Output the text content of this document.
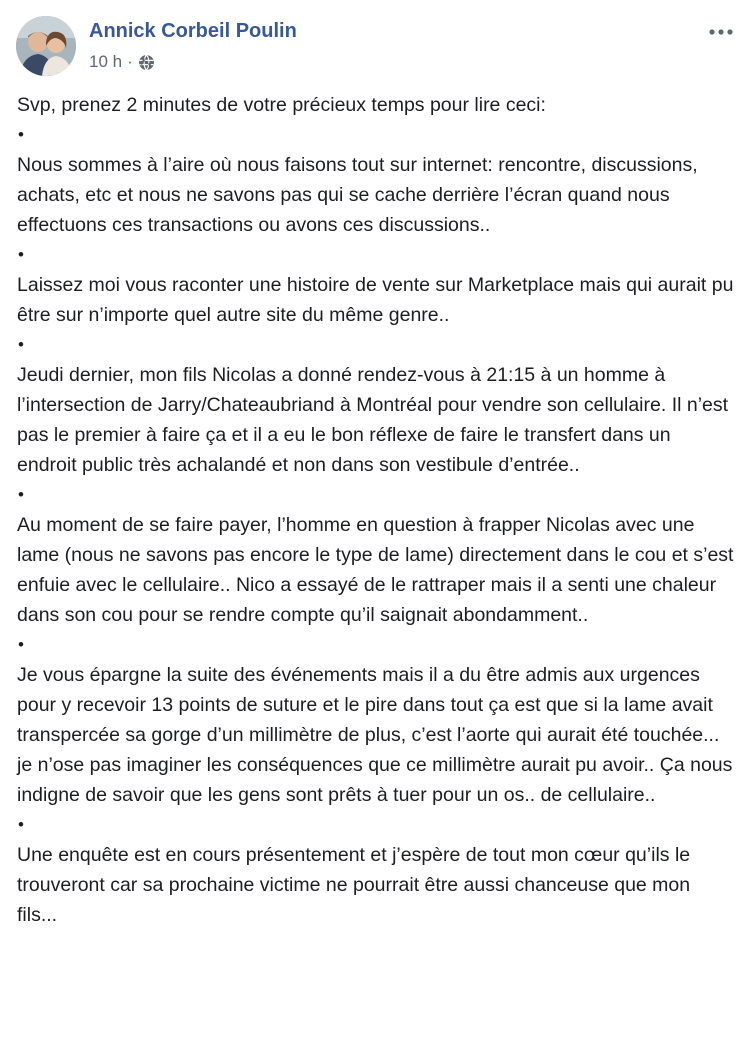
Annick Corbeil Poulin
10 h ·

Svp, prenez 2 minutes de votre précieux temps pour lire ceci:

•

Nous sommes à l’aire où nous faisons tout sur internet: rencontre, discussions, achats, etc et nous ne savons pas qui se cache derrière l’écran quand nous effectuons ces transactions ou avons ces discussions..

•

Laissez moi vous raconter une histoire de vente sur Marketplace mais qui aurait pu être sur n’importe quel autre site du même genre..

•

Jeudi dernier, mon fils Nicolas a donné rendez-vous à 21:15 à un homme à l’intersection de Jarry/Chateaubriand à Montréal pour vendre son cellulaire. Il n’est pas le premier à faire ça et il a eu le bon réflexe de faire le transfert dans un endroit public très achalandé et non dans son vestibule d’entrée..

•

Au moment de se faire payer, l’homme en question à frapper Nicolas avec une lame (nous ne savons pas encore le type de lame) directement dans le cou et s’est enfuie avec le cellulaire.. Nico a essayé de le rattraper mais il a senti une chaleur dans son cou pour se rendre compte qu’il saignait abondamment..

•

Je vous épargne la suite des événements mais il a du être admis aux urgences pour y recevoir 13 points de suture et le pire dans tout ça est que si la lame avait transpercée sa gorge d’un millimètre de plus, c’est l’aorte qui aurait été touchée... je n’ose pas imaginer les conséquences que ce millimètre aurait pu avoir.. Ça nous indigne de savoir que les gens sont prêts à tuer pour un os.. de cellulaire..

•

Une enquête est en cours présentement et j’espère de tout mon cœur qu’ils le trouveront car sa prochaine victime ne pourrait être aussi chanceuse que mon fils...
